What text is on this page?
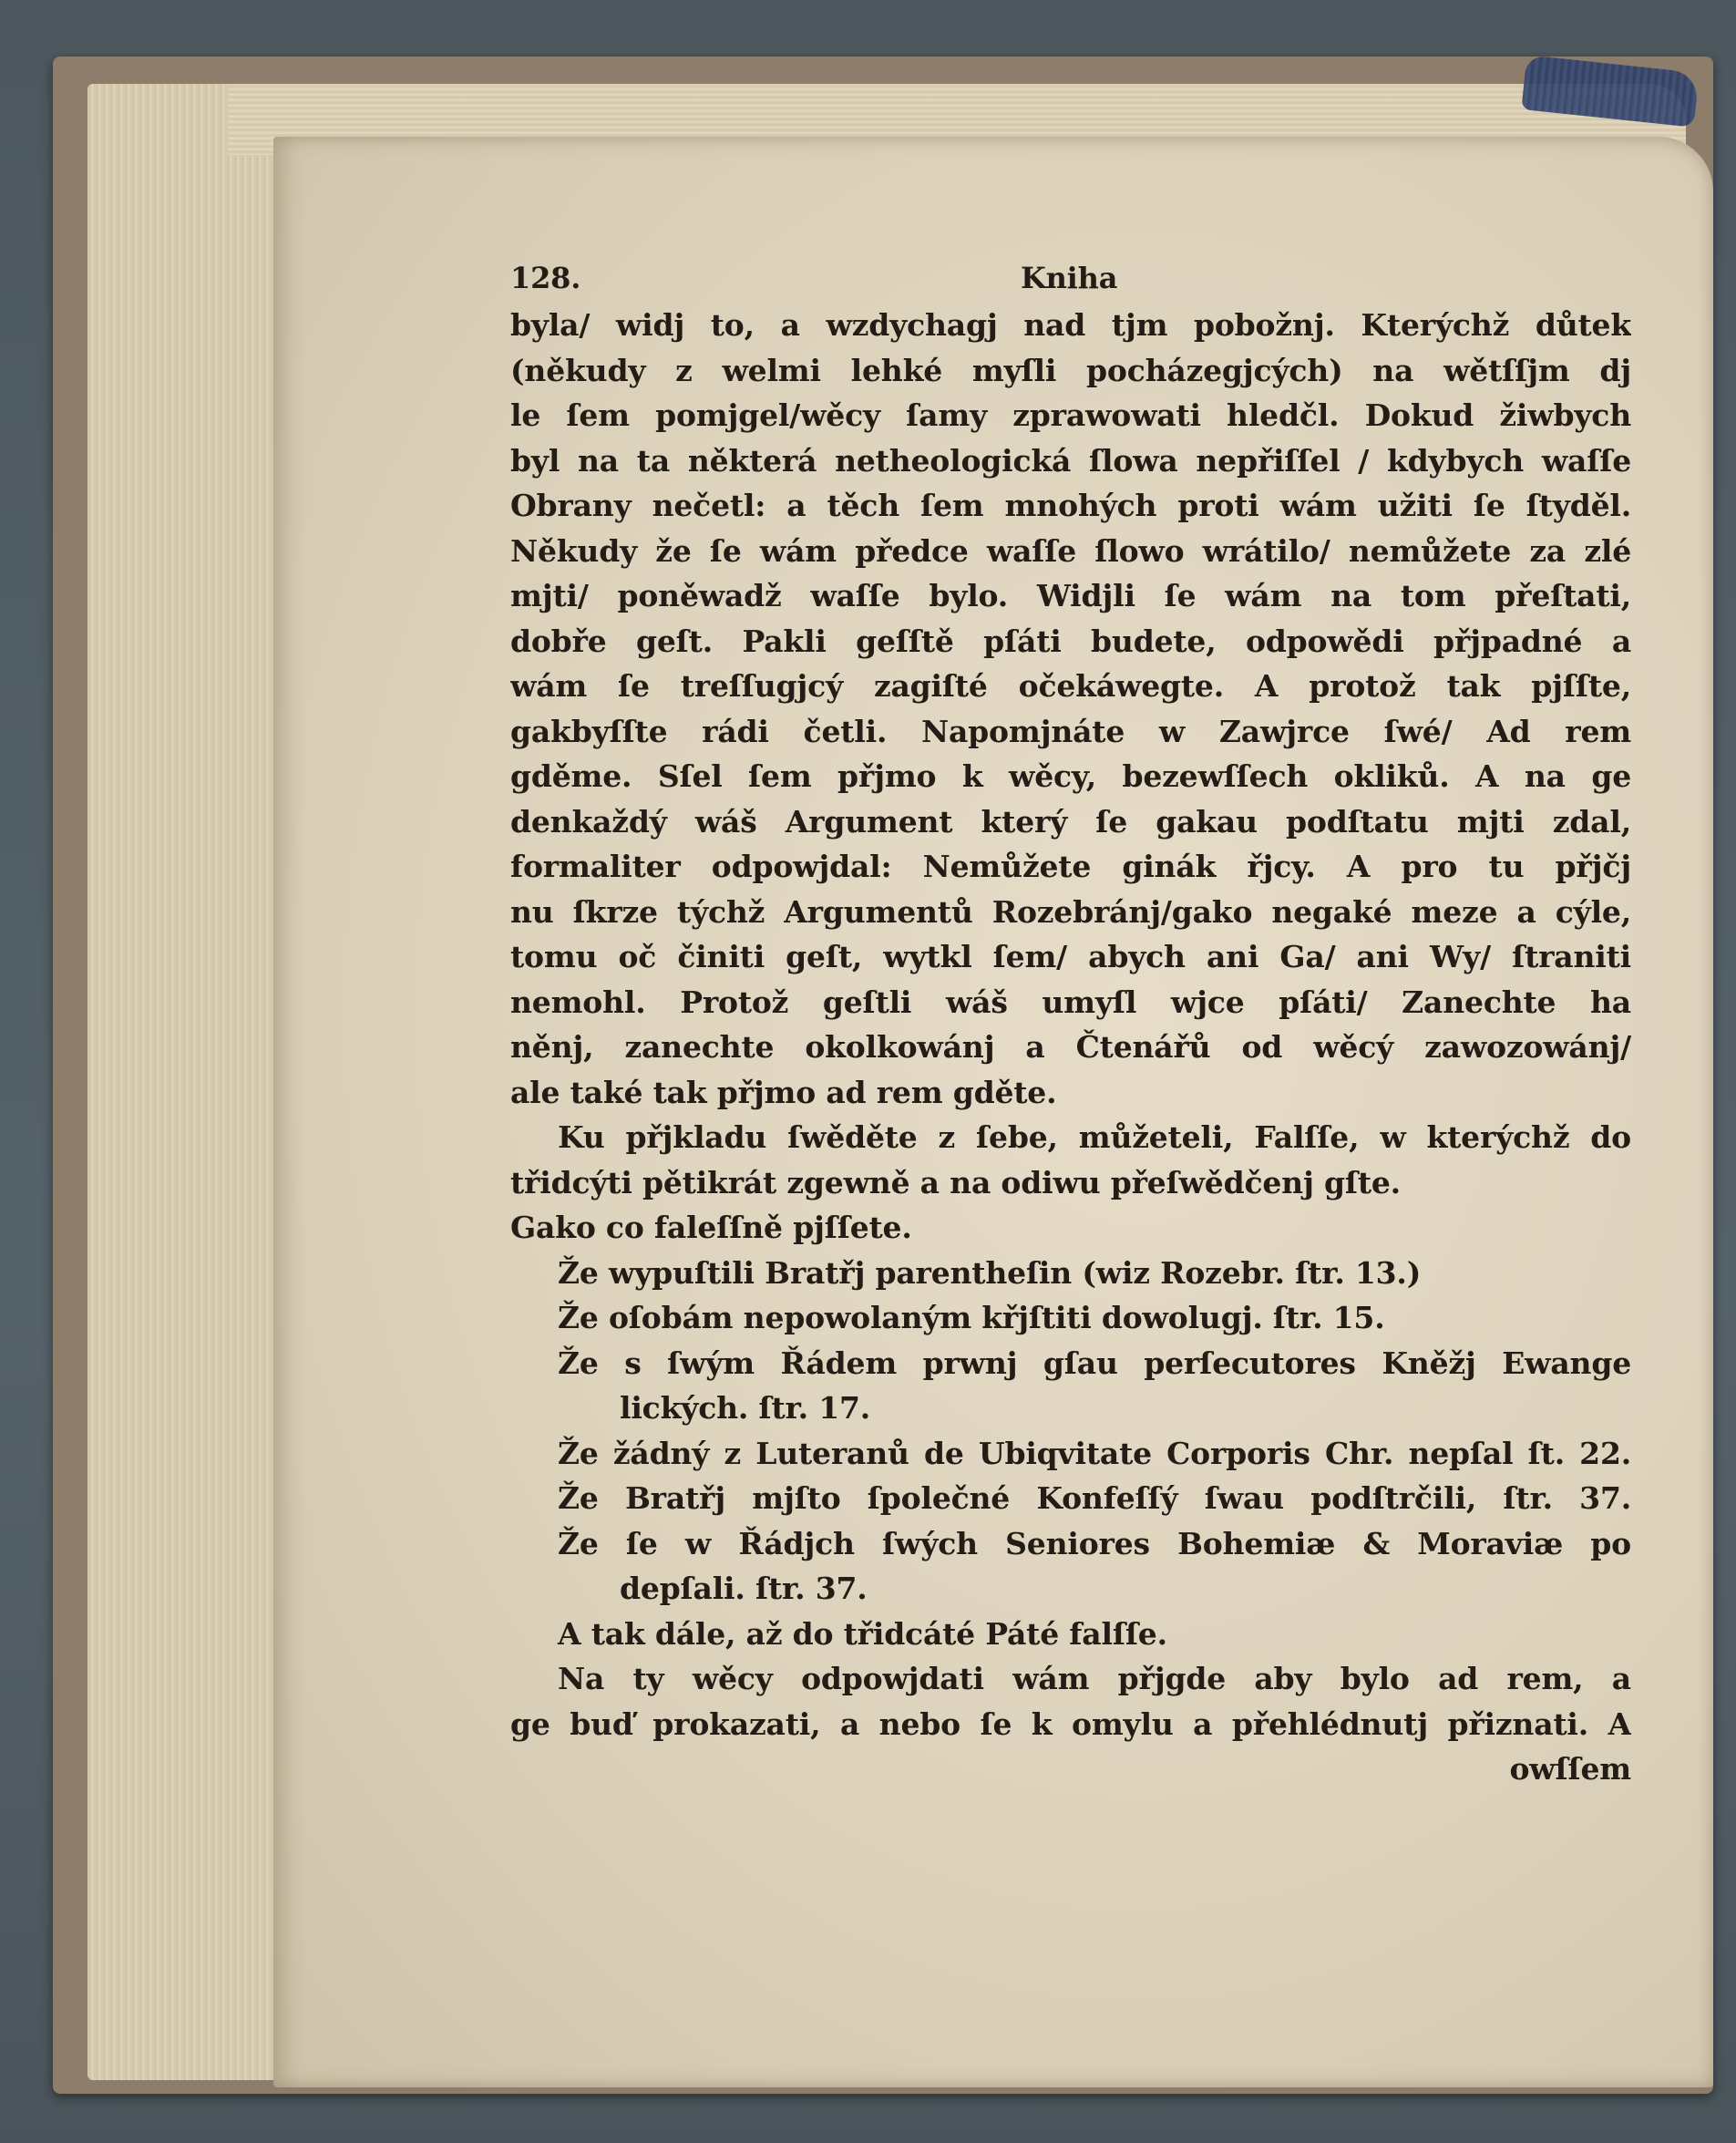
128.	Kniha
byla/ widj to, a wzdychagj nad tjm pobožnj. Kterýchž důtek
(někudy z welmi lehké myſli pocházegjcých) na wětſſjm dj
le ſem pomjgel/wěcy ſamy zprawowati hledčl. Dokud žiwbych
byl na ta některá netheologická ſlowa nepřiſſel / kdybych waſſe
Obrany nečetl: a těch ſem mnohých proti wám užiti ſe ſtyděl.
Někudy že ſe wám předce waſſe ſlowo wrátilo/ nemůžete za zlé
mjti/ poněwadž waſſe bylo. Widjli ſe wám na tom přeſtati,
dobře geſt. Pakli geſſtě pſáti budete, odpowědi přjpadné a
wám ſe treſſugjcý zagiſté očekáwegte. A protož tak pjſſte,
gakbyſſte rádi četli. Napomjnáte w Zawjrce ſwé/ Ad rem
gděme. Sſel ſem přjmo k wěcy, bezewſſech okliků. A na ge
denkaždý wáš Argument který ſe gakau podſtatu mjti zdal,
formaliter odpowjdal: Nemůžete ginák řjcy. A pro tu přjčj
nu ſkrze týchž Argumentů Rozebránj/gako negaké meze a cýle,
tomu oč činiti geſt, wytkl ſem/ abych ani Ga/ ani Wy/ ſtraniti
nemohl. Protož geſtli wáš umyſl wjce pſáti/ Zanechte ha
něnj, zanechte okolkowánj a Čtenářů od wěcý zawozowánj/
ale také tak přjmo ad rem gděte.
Ku přjkladu ſwěděte z ſebe, můžeteli, Falſſe, w kterýchž do
třidcýti pětikrát zgewně a na odiwu přeſwědčenj gſte.
Gako co faleſſně pjſſete.
Že wypuſtili Bratřj parentheſin (wiz Rozebr. ſtr. 13.)
Že oſobám nepowolaným křjſtiti dowolugj. ſtr. 15.
Že s ſwým Řádem prwnj gſau perſecutores Kněžj Ewange
lických. ſtr. 17.
Že žádný z Luteranů de Ubiqvitate Corporis Chr. nepſal ſt. 22.
Že Bratřj mjſto ſpolečné Konfeſſý ſwau podſtrčili, ſtr. 37.
Že ſe w Řádjch ſwých Seniores Bohemiæ & Moraviæ po
depſali. ſtr. 37.
A tak dále, až do třidcáté Páté falſſe.
Na ty wěcy odpowjdati wám přjgde aby bylo ad rem, a
ge buď prokazati, a nebo ſe k omylu a přehlédnutj přiznati. A
owſſem
